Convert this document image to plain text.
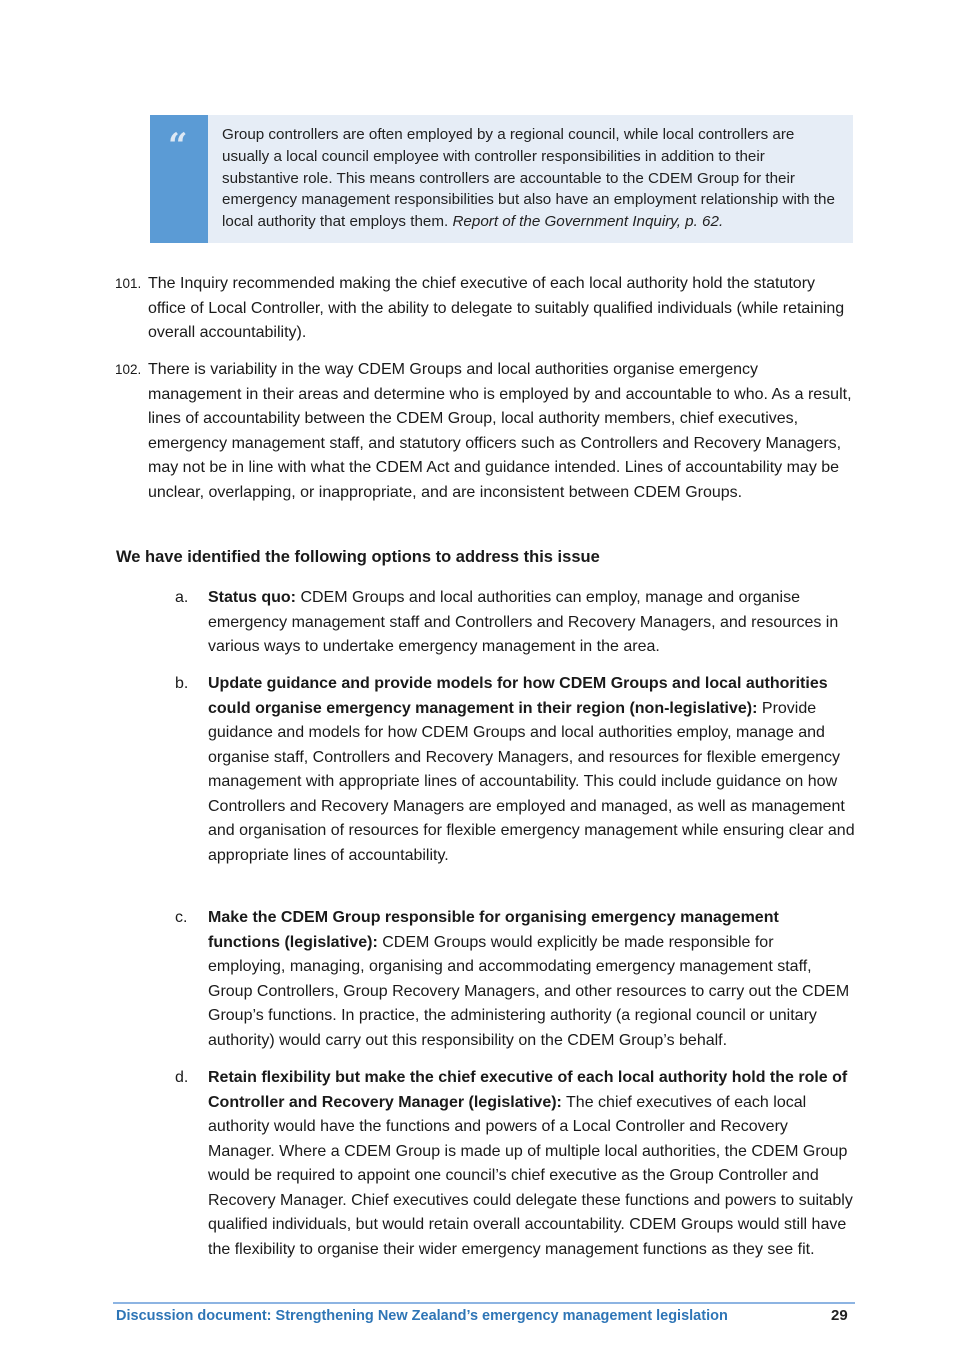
“	Group controllers are often employed by a regional council, while local controllers are usually a local council employee with controller responsibilities in addition to their substantive role. This means controllers are accountable to the CDEM Group for their emergency management responsibilities but also have an employment relationship with the local authority that employs them. Report of the Government Inquiry, p. 62.
101. The Inquiry recommended making the chief executive of each local authority hold the statutory office of Local Controller, with the ability to delegate to suitably qualified individuals (while retaining overall accountability).
102. There is variability in the way CDEM Groups and local authorities organise emergency management in their areas and determine who is employed by and accountable to who. As a result, lines of accountability between the CDEM Group, local authority members, chief executives, emergency management staff, and statutory officers such as Controllers and Recovery Managers, may not be in line with what the CDEM Act and guidance intended. Lines of accountability may be unclear, overlapping, or inappropriate, and are inconsistent between CDEM Groups.
We have identified the following options to address this issue
a. Status quo: CDEM Groups and local authorities can employ, manage and organise emergency management staff and Controllers and Recovery Managers, and resources in various ways to undertake emergency management in the area.
b. Update guidance and provide models for how CDEM Groups and local authorities could organise emergency management in their region (non-legislative): Provide guidance and models for how CDEM Groups and local authorities employ, manage and organise staff, Controllers and Recovery Managers, and resources for flexible emergency management with appropriate lines of accountability. This could include guidance on how Controllers and Recovery Managers are employed and managed, as well as management and organisation of resources for flexible emergency management while ensuring clear and appropriate lines of accountability.
c. Make the CDEM Group responsible for organising emergency management functions (legislative): CDEM Groups would explicitly be made responsible for employing, managing, organising and accommodating emergency management staff, Group Controllers, Group Recovery Managers, and other resources to carry out the CDEM Group’s functions. In practice, the administering authority (a regional council or unitary authority) would carry out this responsibility on the CDEM Group’s behalf.
d. Retain flexibility but make the chief executive of each local authority hold the role of Controller and Recovery Manager (legislative): The chief executives of each local authority would have the functions and powers of a Local Controller and Recovery Manager. Where a CDEM Group is made up of multiple local authorities, the CDEM Group would be required to appoint one council’s chief executive as the Group Controller and Recovery Manager. Chief executives could delegate these functions and powers to suitably qualified individuals, but would retain overall accountability. CDEM Groups would still have the flexibility to organise their wider emergency management functions as they see fit.
Discussion document: Strengthening New Zealand’s emergency management legislation	29
